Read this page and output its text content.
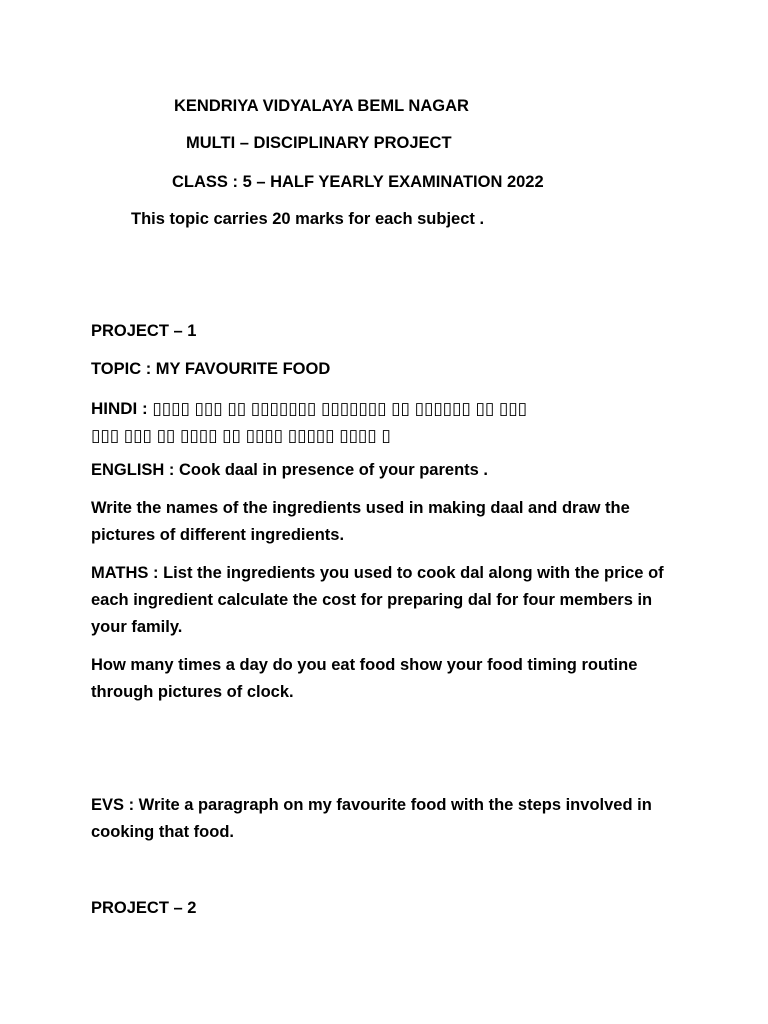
KENDRIYA VIDYALAYA BEML NAGAR
MULTI – DISCIPLINARY PROJECT
CLASS : 5 – HALF YEARLY EXAMINATION 2022
This topic carries 20 marks for each subject .
PROJECT – 1
TOPIC : MY FAVOURITE FOOD
HINDI : ▯▯▯▯ ▯▯▯ ▯▯ ▯▯▯▯▯▯▯ ▯▯▯▯▯▯▯ ▯▯ ▯▯▯▯▯▯ ▯▯ ▯▯▯
▯▯▯ ▯▯▯ ▯▯ ▯▯▯▯ ▯▯ ▯▯▯▯ ▯▯▯▯▯ ▯▯▯▯ ▯
ENGLISH : Cook daal in presence of your parents .
Write the names of the ingredients used in making daal and draw the pictures of different ingredients.
MATHS : List the ingredients you used to cook dal along with the price of each ingredient calculate the cost for preparing dal for four members in your family.
How many times a day do you eat food show your food timing routine through pictures of clock.
EVS : Write a paragraph on my favourite food with the steps involved in cooking that food.
PROJECT – 2
